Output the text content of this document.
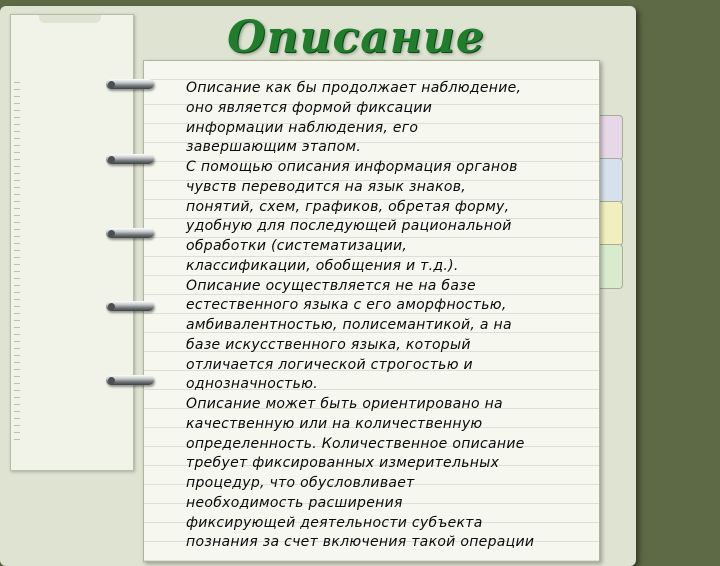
Описание
Описание как бы продолжает наблюдение,
оно является формой фиксации
информации наблюдения, его
завершающим этапом.
С помощью описания информация органов
чувств переводится на язык знаков,
понятий, схем, графиков, обретая форму,
удобную для последующей рациональной
обработки (систематизации,
классификации, обобщения и т.д.).
Описание осуществляется не на базе
естественного языка с его аморфностью,
амбивалентностью, полисемантикой, а на
базе искусственного языка, который
отличается логической строгостью и
однозначностью.
Описание может быть ориентировано на
качественную или на количественную
определенность. Количественное описание
требует фиксированных измерительных
процедур, что обусловливает
необходимость расширения
фиксирующей деятельности субъекта
познания за счет включения такой операции
